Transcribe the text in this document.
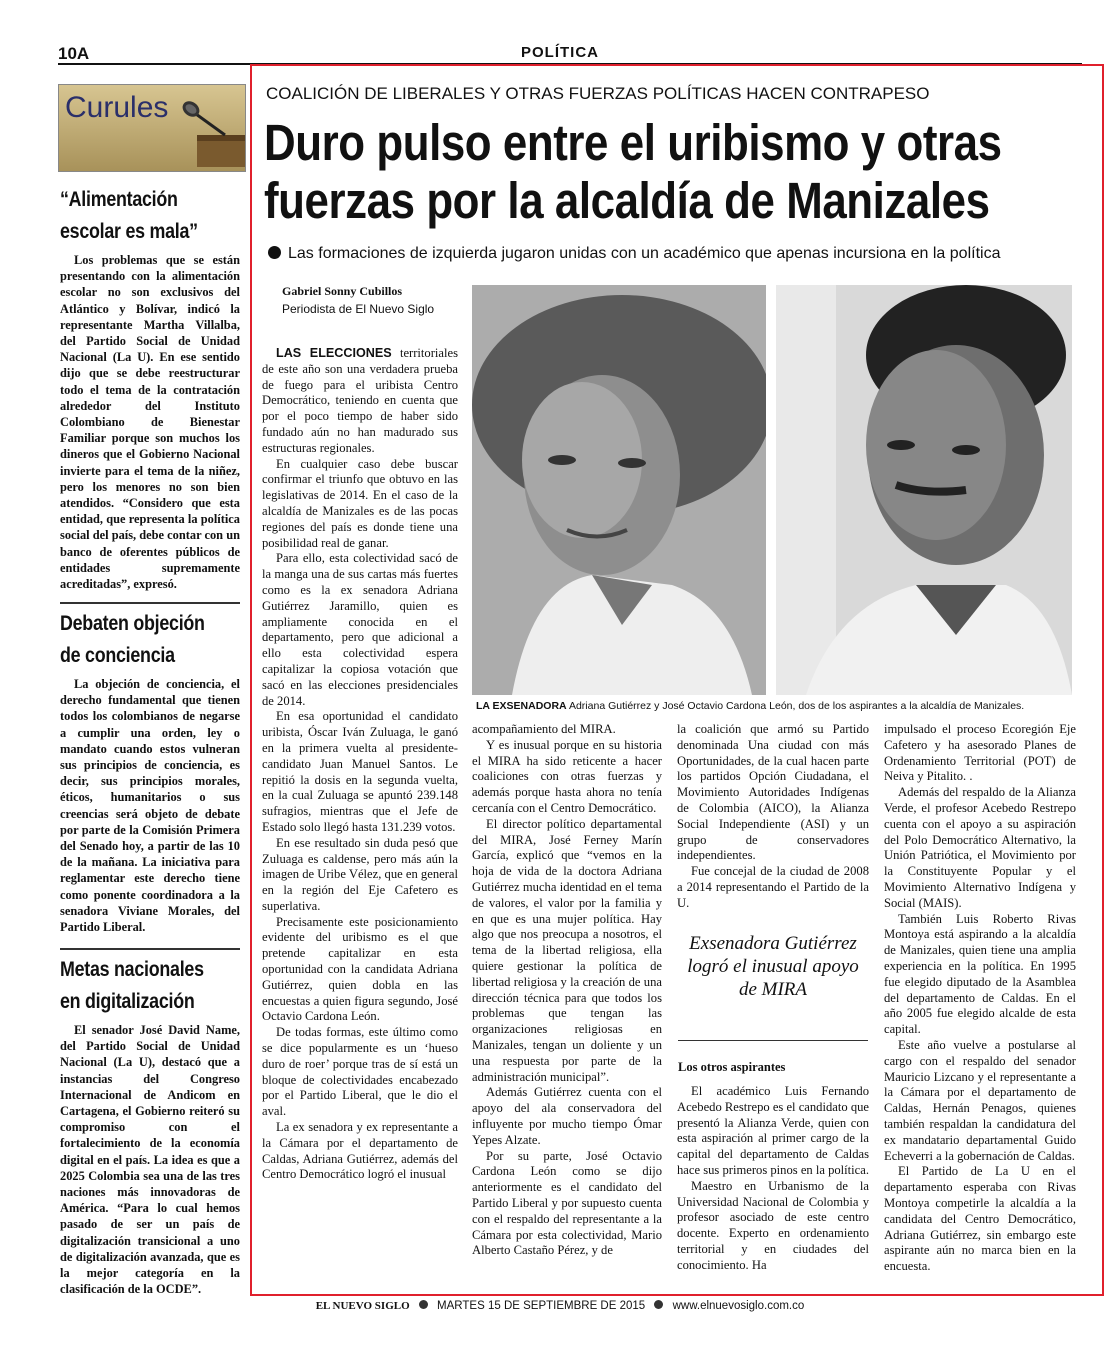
10A	POLÍTICA
Curules
“Alimentación escolar es mala”
Los problemas que se están presentando con la alimentación escolar no son exclusivos del Atlántico y Bolívar, indicó la representante Martha Villalba, del Partido Social de Unidad Nacional (La U). En ese sentido dijo que se debe reestructurar todo el tema de la contratación alrededor del Instituto Colombiano de Bienestar Familiar porque son muchos los dineros que el Gobierno Nacional invierte para el tema de la niñez, pero los menores no son bien atendidos. “Considero que esta entidad, que representa la política social del país, debe contar con un banco de oferentes públicos de entidades supremamente acreditadas”, expresó.
Debaten objeción de conciencia
La objeción de conciencia, el derecho fundamental que tienen todos los colombianos de negarse a cumplir una orden, ley o mandato cuando estos vulneran sus principios de conciencia, es decir, sus principios morales, éticos, humanitarios o sus creencias será objeto de debate por parte de la Comisión Primera del Senado hoy, a partir de las 10 de la mañana. La iniciativa para reglamentar este derecho tiene como ponente coordinadora a la senadora Viviane Morales, del Partido Liberal.
Metas nacionales en digitalización
El senador José David Name, del Partido Social de Unidad Nacional (La U), destacó que a instancias del Congreso Internacional de Andicom en Cartagena, el Gobierno reiteró su compromiso con el fortalecimiento de la economía digital en el país. La idea es que a 2025 Colombia sea una de las tres naciones más innovadoras de América. “Para lo cual hemos pasado de ser un país de digitalización transicional a uno de digitalización avanzada, que es la mejor categoría en la clasificación de la OCDE”.
COALICIÓN DE LIBERALES Y OTRAS FUERZAS POLÍTICAS HACEN CONTRAPESO
Duro pulso entre el uribismo y otras
fuerzas por la alcaldía de Manizales
Las formaciones de izquierda jugaron unidas con un académico que apenas incursiona en la política
Gabriel Sonny Cubillos
Periodista de El Nuevo Siglo
LA EXSENADORA Adriana Gutiérrez y José Octavio Cardona León, dos de los aspirantes a la alcaldía de Manizales.

LAS ELECCIONES territoriales de este año son una verdadera prueba de fuego para el uribista Centro Democrático, teniendo en cuenta que por el poco tiempo de haber sido fundado aún no han madurado sus estructuras regionales.

En cualquier caso debe buscar confirmar el triunfo que obtuvo en las legislativas de 2014. En el caso de la alcaldía de Manizales es de las pocas regiones del país es donde tiene una posibilidad real de ganar.

Para ello, esta colectividad sacó de la manga una de sus cartas más fuertes como es la ex senadora Adriana Gutiérrez Jaramillo, quien es ampliamente conocida en el departamento, pero que adicional a ello esta colectividad espera capitalizar la copiosa votación que sacó en las elecciones presidenciales de 2014.

En esa oportunidad el candidato uribista, Óscar Iván Zuluaga, le ganó en la primera vuelta al presidente-candidato Juan Manuel Santos. Le repitió la dosis en la segunda vuelta, en la cual Zuluaga se apuntó 239.148 sufragios, mientras que el Jefe de Estado solo llegó hasta 131.239 votos.

En ese resultado sin duda pesó que Zuluaga es caldense, pero más aún la imagen de Uribe Vélez, que en general en la región del Eje Cafetero es superlativa.

Precisamente este posicionamiento evidente del uribismo es el que pretende capitalizar en esta oportunidad con la candidata Adriana Gutiérrez, quien dobla en las encuestas a quien figura segundo, José Octavio Cardona León.

De todas formas, este último como se dice popularmente es un ‘hueso duro de roer’ porque tras de sí está un bloque de colectividades encabezado por el Partido Liberal, que le dio el aval.

La ex senadora y ex representante a la Cámara por el departamento de Caldas, Adriana Gutiérrez, además del Centro Democrático logró el inusual

acompañamiento del MIRA.

Y es inusual porque en su historia el MIRA ha sido reticente a hacer coaliciones con otras fuerzas y además porque hasta ahora no tenía cercanía con el Centro Democrático.

El director político departamental del MIRA, José Ferney Marín García, explicó que “vemos en la hoja de vida de la doctora Adriana Gutiérrez mucha identidad en el tema de valores, el valor por la familia y en que es una mujer política. Hay algo que nos preocupa a nosotros, el tema de la libertad religiosa, ella quiere gestionar la política de libertad religiosa y la creación de una dirección técnica para que todos los problemas que tengan las organizaciones religiosas en Manizales, tengan un doliente y un una respuesta por parte de la administración municipal”.

Además Gutiérrez cuenta con el apoyo del ala conservadora del influyente por mucho tiempo Ómar Yepes Alzate.

Por su parte, José Octavio Cardona León como se dijo anteriormente es el candidato del Partido Liberal y por supuesto cuenta con el respaldo del representante a la Cámara por esta colectividad, Mario Alberto Castaño Pérez, y de

la coalición que armó su Partido denominada Una ciudad con más Oportunidades, de la cual hacen parte los partidos Opción Ciudadana, el Movimiento Autoridades Indígenas de Colombia (AICO), la Alianza Social Independiente (ASI) y un grupo de conservadores independientes.

Fue concejal de la ciudad de 2008 a 2014 representando el Partido de la U.

Exsenadora Gutiérrez logró el inusual apoyo de MIRA
Los otros aspirantes

El académico Luis Fernando Acebedo Restrepo es el candidato que presentó la Alianza Verde, quien con esta aspiración al primer cargo de la capital del departamento de Caldas hace sus primeros pinos en la política.

Maestro en Urbanismo de la Universidad Nacional de Colombia y profesor asociado de este centro docente. Experto en ordenamiento territorial y en ciudades del conocimiento. Ha

impulsado el proceso Ecoregión Eje Cafetero y ha asesorado Planes de Ordenamiento Territorial (POT) de Neiva y Pitalito. .

Además del respaldo de la Alianza Verde, el profesor Acebedo Restrepo cuenta con el apoyo a su aspiración del Polo Democrático Alternativo, la Unión Patriótica, el Movimiento por la Constituyente Popular y el Movimiento Alternativo Indígena y Social (MAIS).

También Luis Roberto Rivas Montoya está aspirando a la alcaldía de Manizales, quien tiene una amplia experiencia en la política. En 1995 fue elegido diputado de la Asamblea del departamento de Caldas. En el año 2005 fue elegido alcalde de esta capital.

Este año vuelve a postularse al cargo con el respaldo del senador Mauricio Lizcano y el representante a la Cámara por el departamento de Caldas, Hernán Penagos, quienes también respaldan la candidatura del ex mandatario departamental Guido Echeverri a la gobernación de Caldas.

El Partido de La U en el departamento esperaba con Rivas Montoya competirle la alcaldía a la candidata del Centro Democrático, Adriana Gutiérrez, sin embargo este aspirante aún no marca bien en la encuesta.

EL NUEVO SIGLO MARTES 15 DE SEPTIEMBRE DE 2015 www.elnuevosiglo.com.co
